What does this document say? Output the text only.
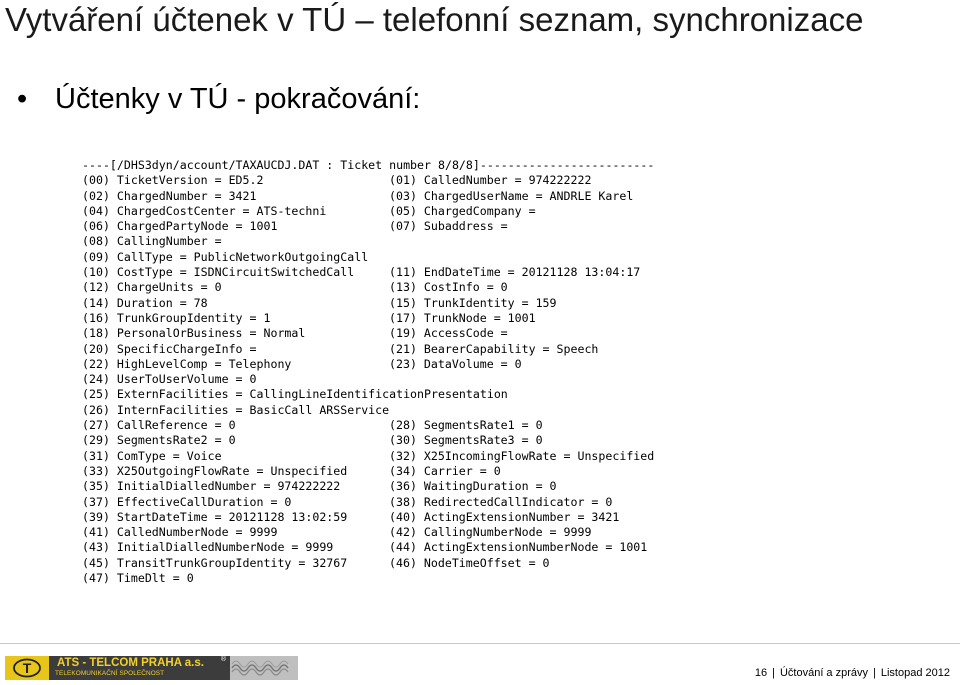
Vytváření účtenek v TÚ – telefonní seznam, synchronizace
• Účtenky v TÚ - pokračování:
----[/DHS3dyn/account/TAXAUCDJ.DAT : Ticket number 8/8/8]-------------------------
(00) TicketVersion = ED5.2	(01) CalledNumber = 974222222
(02) ChargedNumber = 3421	(03) ChargedUserName = ANDRLE Karel
(04) ChargedCostCenter = ATS-techni	(05) ChargedCompany =
(06) ChargedPartyNode = 1001	(07) Subaddress =
(08) CallingNumber =
(09) CallType = PublicNetworkOutgoingCall
(10) CostType = ISDNCircuitSwitchedCall	(11) EndDateTime = 20121128 13:04:17
(12) ChargeUnits = 0	(13) CostInfo = 0
(14) Duration = 78	(15) TrunkIdentity = 159
(16) TrunkGroupIdentity = 1	(17) TrunkNode = 1001
(18) PersonalOrBusiness = Normal	(19) AccessCode =
(20) SpecificChargeInfo =	(21) BearerCapability = Speech
(22) HighLevelComp = Telephony	(23) DataVolume = 0
(24) UserToUserVolume = 0
(25) ExternFacilities = CallingLineIdentificationPresentation
(26) InternFacilities = BasicCall ARSService
(27) CallReference = 0	(28) SegmentsRate1 = 0
(29) SegmentsRate2 = 0	(30) SegmentsRate3 = 0
(31) ComType = Voice	(32) X25IncomingFlowRate = Unspecified
(33) X25OutgoingFlowRate = Unspecified	(34) Carrier = 0
(35) InitialDialledNumber = 974222222	(36) WaitingDuration = 0
(37) EffectiveCallDuration = 0	(38) RedirectedCallIndicator = 0
(39) StartDateTime = 20121128 13:02:59	(40) ActingExtensionNumber = 3421
(41) CalledNumberNode = 9999	(42) CallingNumberNode = 9999
(43) InitialDialledNumberNode = 9999	(44) ActingExtensionNumberNode = 1001
(45) TransitTrunkGroupIdentity = 32767	(46) NodeTimeOffset = 0
(47) TimeDlt = 0
T ATS - TELCOM PRAHA a.s. ®
TELEKOMUNIKAČNÍ SPOLEČNOST	16 | Účtování a zprávy | Listopad 2012
